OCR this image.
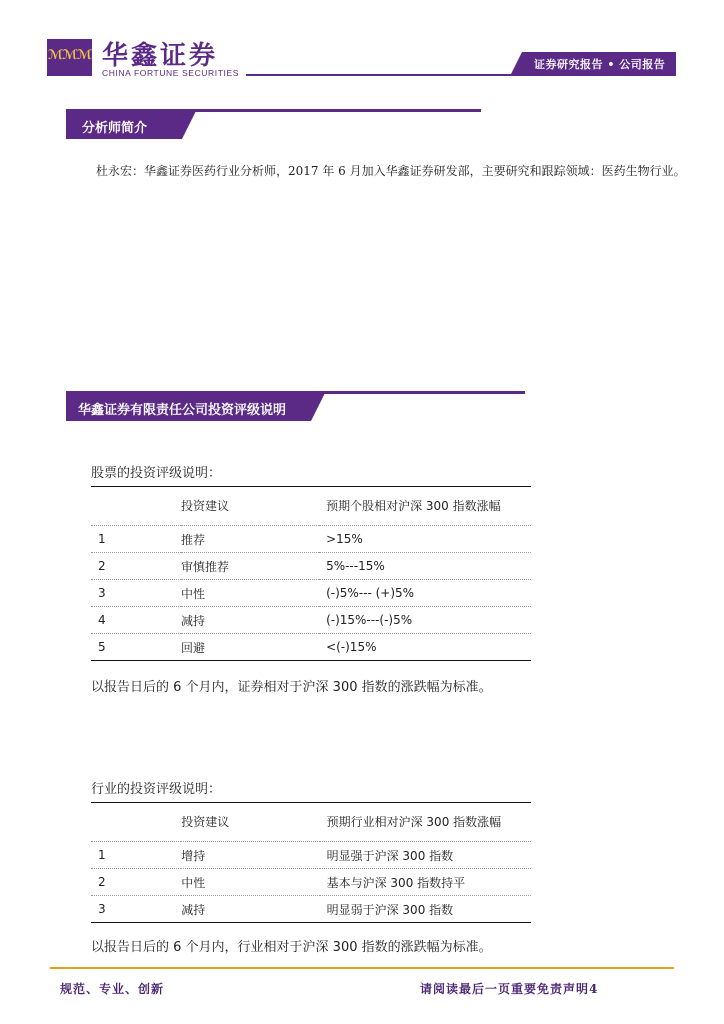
ℳℳℳ 华鑫证券
CHINA FORTUNE SECURITIES
证券研究报告 • 公司报告
分析师简介
杜永宏：华鑫证券医药行业分析师，2017 年 6 月加入华鑫证券研发部，主要研究和跟踪领域：医药生物行业。
华鑫证券有限责任公司投资评级说明
股票的投资评级说明：
	投资建议	预期个股相对沪深 300 指数涨幅
1	推荐	>15%
2	审慎推荐	5%---15%
3	中性	(-)5%--- (+)5%
4	减持	(-)15%---(-)5%
5	回避	<(-)15%
以报告日后的 6 个月内，证券相对于沪深 300 指数的涨跌幅为标准。
行业的投资评级说明：
	投资建议	预期行业相对沪深 300 指数涨幅
1	增持	明显强于沪深 300 指数
2	中性	基本与沪深 300 指数持平
3	减持	明显弱于沪深 300 指数
以报告日后的 6 个月内，行业相对于沪深 300 指数的涨跌幅为标准。
规范、专业、创新	请阅读最后一页重要免责声明4
